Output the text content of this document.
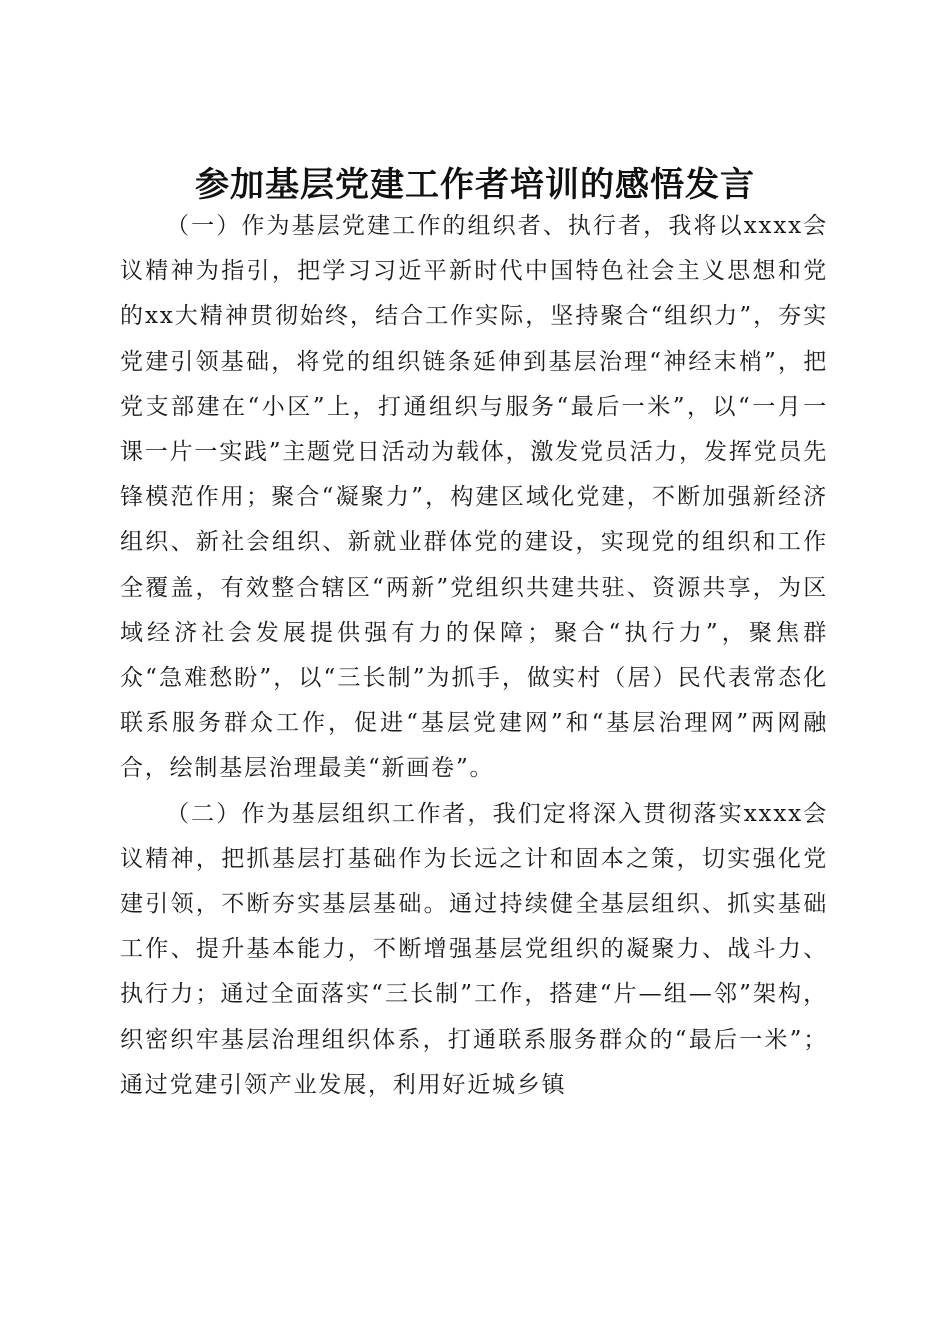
参加基层党建工作者培训的感悟发言

（一）作为基层党建工作的组织者、执行者，我将以xxxx会议精神为指引，把学习习近平新时代中国特色社会主义思想和党的xx大精神贯彻始终，结合工作实际，坚持聚合“组织力”，夯实党建引领基础，将党的组织链条延伸到基层治理“神经末梢”，把党支部建在“小区”上，打通组织与服务“最后一米”，以“一月一课一片一实践”主题党日活动为载体，激发党员活力，发挥党员先锋模范作用；聚合“凝聚力”，构建区域化党建，不断加强新经济组织、新社会组织、新就业群体党的建设，实现党的组织和工作全覆盖，有效整合辖区“两新”党组织共建共驻、资源共享，为区域经济社会发展提供强有力的保障；聚合“执行力”，聚焦群众“急难愁盼”，以“三长制”为抓手，做实村（居）民代表常态化联系服务群众工作，促进“基层党建网”和“基层治理网”两网融合，绘制基层治理最美“新画卷”。

（二）作为基层组织工作者，我们定将深入贯彻落实xxxx会议精神，把抓基层打基础作为长远之计和固本之策，切实强化党建引领，不断夯实基层基础。通过持续健全基层组织、抓实基础工作、提升基本能力，不断增强基层党组织的凝聚力、战斗力、执行力；通过全面落实“三长制”工作，搭建“片—组—邻”架构，织密织牢基层治理组织体系，打通联系服务群众的“最后一米”；通过党建引领产业发展，利用好近城乡镇
